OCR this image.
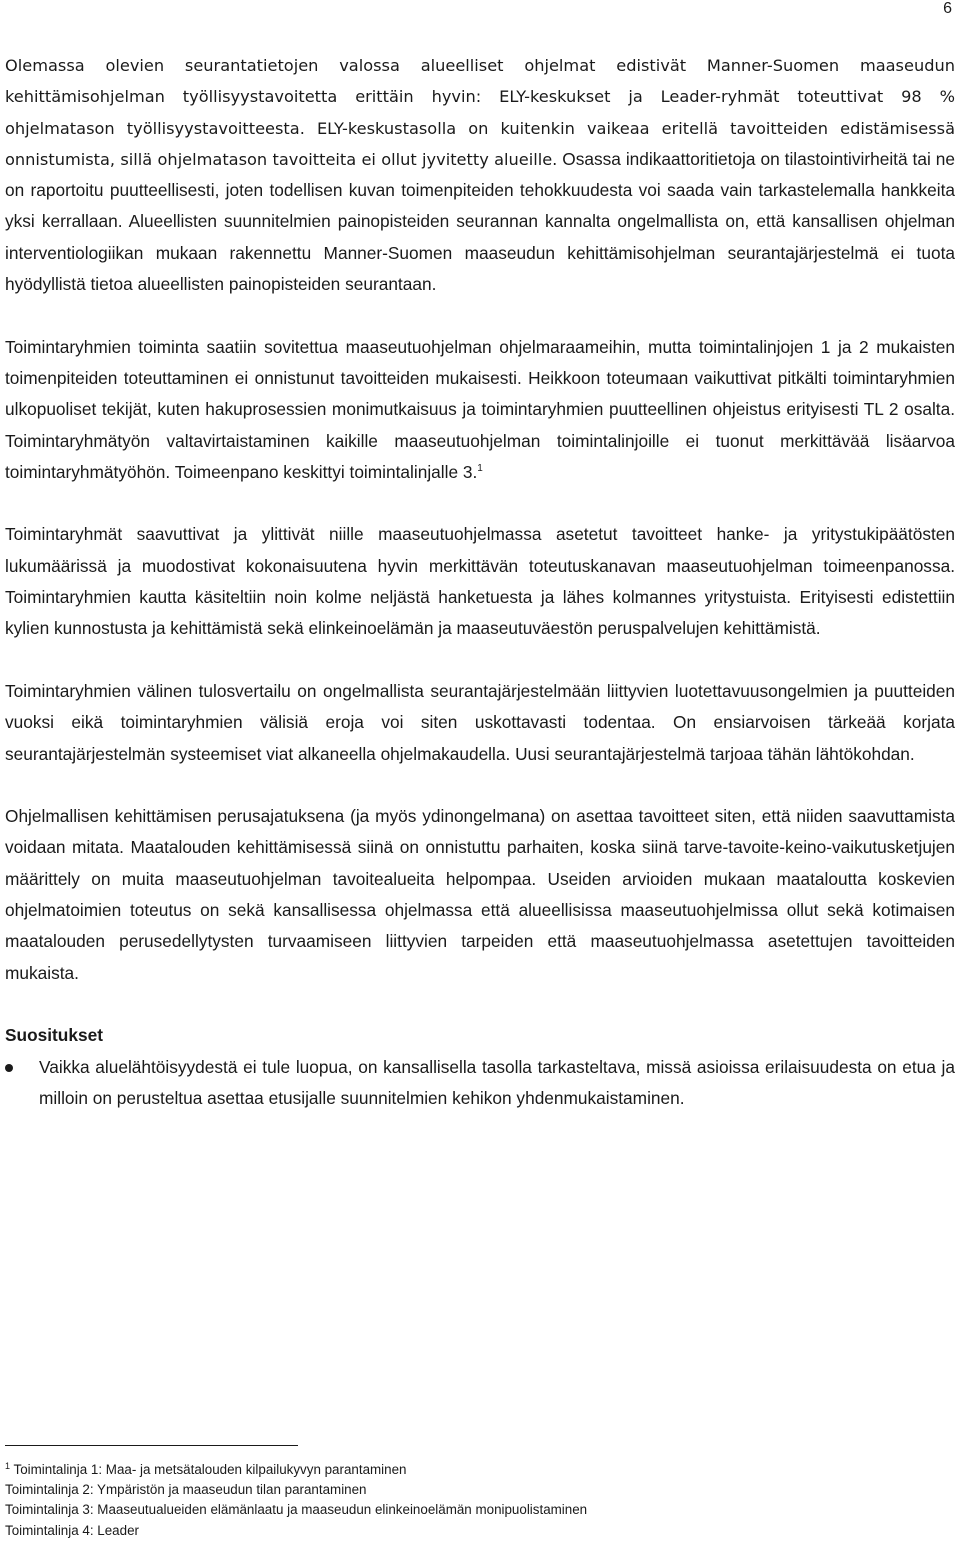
6

Olemassa olevien seurantatietojen valossa alueelliset ohjelmat edistivät Manner-Suomen maaseudun kehittämisohjelman työllisyystavoitetta erittäin hyvin: ELY-keskukset ja Leader-ryhmät toteuttivat 98 % ohjelmatason työllisyystavoitteesta. ELY-keskustasolla on kuitenkin vaikeaa eritellä tavoitteiden edistämisessä onnistumista, sillä ohjelmatason tavoitteita ei ollut jyvitetty alueille. Osassa indikaattoritietoja on tilastointivirheitä tai ne on raportoitu puutteellisesti, joten todellisen kuvan toimenpiteiden tehokkuudesta voi saada vain tarkastelemalla hankkeita yksi kerrallaan. Alueellisten suunnitelmien painopisteiden seurannan kannalta ongelmallista on, että kansallisen ohjelman interventiologiikan mukaan rakennettu Manner-Suomen maaseudun kehittämisohjelman seurantajärjestelmä ei tuota hyödyllistä tietoa alueellisten painopisteiden seurantaan.

Toimintaryhmien toiminta saatiin sovitettua maaseutuohjelman ohjelmaraameihin, mutta toimintalinjojen 1 ja 2 mukaisten toimenpiteiden toteuttaminen ei onnistunut tavoitteiden mukaisesti. Heikkoon toteumaan vaikuttivat pitkälti toimintaryhmien ulkopuoliset tekijät, kuten hakuprosessien monimutkaisuus ja toimintaryhmien puutteellinen ohjeistus erityisesti TL 2 osalta. Toimintaryhmätyön valtavirtaistaminen kaikille maaseutuohjelman toimintalinjoille ei tuonut merkittävää lisäarvoa toimintaryhmätyöhön. Toimeenpano keskittyi toimintalinjalle 3.$^1$

Toimintaryhmät saavuttivat ja ylittivät niille maaseutuohjelmassa asetetut tavoitteet hanke- ja yritystukipäätösten lukumäärissä ja muodostivat kokonaisuutena hyvin merkittävän toteutuskanavan maaseutuohjelman toimeenpanossa. Toimintaryhmien kautta käsiteltiin noin kolme neljästä hanketuesta ja lähes kolmannes yritystuista. Erityisesti edistettiin kylien kunnostusta ja kehittämistä sekä elinkeinoelämän ja maaseutuväestön peruspalvelujen kehittämistä.

Toimintaryhmien välinen tulosvertailu on ongelmallista seurantajärjestelmään liittyvien luotettavuusongelmien ja puutteiden vuoksi eikä toimintaryhmien välisiä eroja voi siten uskottavasti todentaa. On ensiarvoisen tärkeää korjata seurantajärjestelmän systeemiset viat alkaneella ohjelmakaudella. Uusi seurantajärjestelmä tarjoaa tähän lähtökohdan.

Ohjelmallisen kehittämisen perusajatuksena (ja myös ydinongelmana) on asettaa tavoitteet siten, että niiden saavuttamista voidaan mitata. Maatalouden kehittämisessä siinä on onnistuttu parhaiten, koska siinä tarve-tavoite-keino-vaikutusketjujen määrittely on muita maaseutuohjelman tavoitealueita helpompaa. Useiden arvioiden mukaan maataloutta koskevien ohjelmatoimien toteutus on sekä kansallisessa ohjelmassa että alueellisissa maaseutuohjelmissa ollut sekä kotimaisen maatalouden perusedellytysten turvaamiseen liittyvien tarpeiden että maaseutuohjelmassa asetettujen tavoitteiden mukaista.

Suositukset
Vaikka aluelähtöisyydestä ei tule luopua, on kansallisella tasolla tarkasteltava, missä asioissa erilaisuudesta on etua ja milloin on perusteltua asettaa etusijalle suunnitelmien kehikon yhdenmukaistaminen.
$^1$ Toimintalinja 1: Maa- ja metsätalouden kilpailukyvyn parantaminen
Toimintalinja 2: Ympäristön ja maaseudun tilan parantaminen
Toimintalinja 3: Maaseutualueiden elämänlaatu ja maaseudun elinkeinoelämän monipuolistaminen
Toimintalinja 4: Leader
